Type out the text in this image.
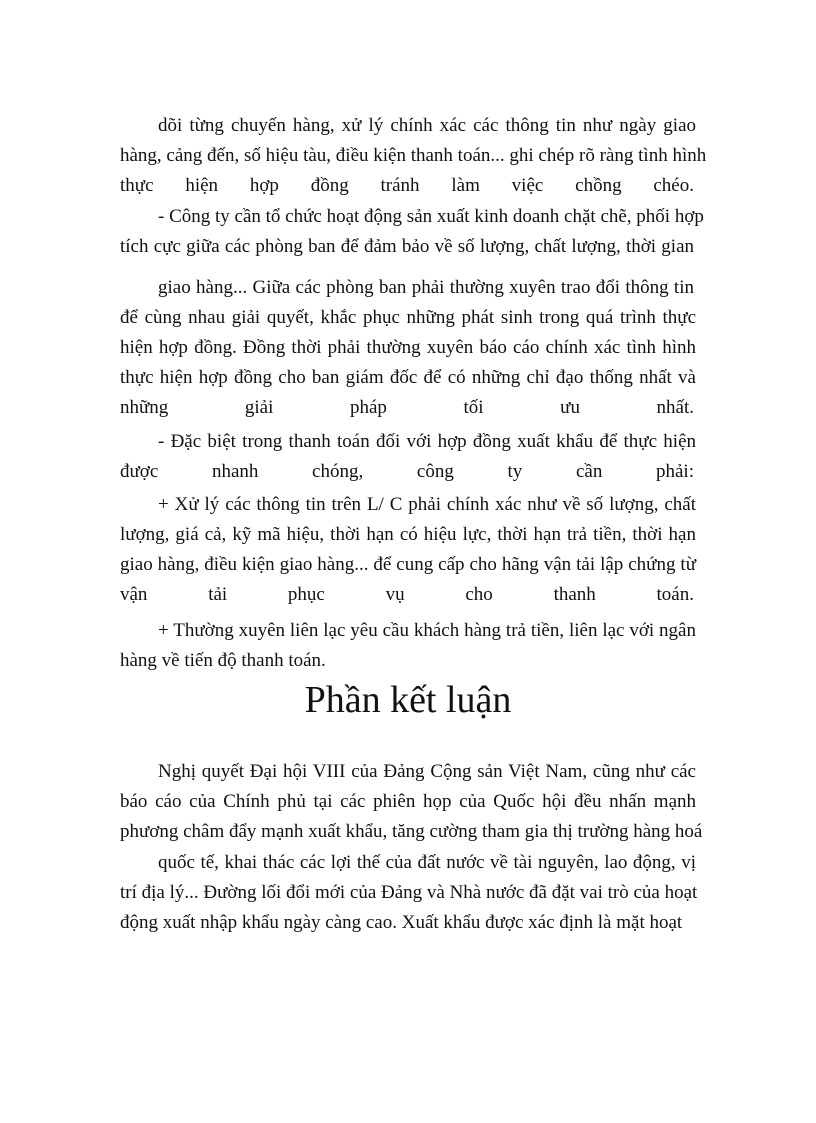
dõi từng chuyến hàng, xử lý chính xác các thông tin như ngày giao
hàng, cảng đến, số hiệu tàu, điều kiện thanh toán... ghi chép rõ ràng tình hình
thực hiện hợp đồng tránh làm việc chồng chéo.
- Công ty cần tổ chức hoạt động sản xuất kinh doanh chặt chẽ, phối hợp
tích cực giữa các phòng ban để đảm bảo về số lượng, chất lượng, thời gian
giao hàng... Giữa các phòng ban phải thường xuyên trao đổi thông tin
để cùng nhau giải quyết, khắc phục những phát sinh trong quá trình thực
hiện hợp đồng. Đồng thời phải thường xuyên báo cáo chính xác tình hình
thực hiện hợp đồng cho ban giám đốc để có những chỉ đạo thống nhất và
những giải pháp tối ưu nhất.
- Đặc biệt trong thanh toán đối với hợp đồng xuất khẩu để thực hiện
được nhanh chóng, công ty cần phải:
+ Xử lý các thông tin trên L/ C phải chính xác như về số lượng, chất
lượng, giá cả, kỹ mã hiệu, thời hạn có hiệu lực, thời hạn trả tiền, thời hạn
giao hàng, điều kiện giao hàng... để cung cấp cho hãng vận tải lập chứng từ
vận tải phục vụ cho thanh toán.
+ Thường xuyên liên lạc yêu cầu khách hàng trả tiền, liên lạc với ngân
hàng về tiến độ thanh toán.
Phần kết luận
Nghị quyết Đại hội VIII của Đảng Cộng sản Việt Nam, cũng như các
báo cáo của Chính phủ tại các phiên họp của Quốc hội đều nhấn mạnh
phương châm đẩy mạnh xuất khẩu, tăng cường tham gia thị trường hàng hoá
quốc tế, khai thác các lợi thế của đất nước về tài nguyên, lao động, vị
trí địa lý... Đường lối đổi mới của Đảng và Nhà nước đã đặt vai trò của hoạt
động xuất nhập khẩu ngày càng cao. Xuất khẩu được xác định là mặt hoạt
